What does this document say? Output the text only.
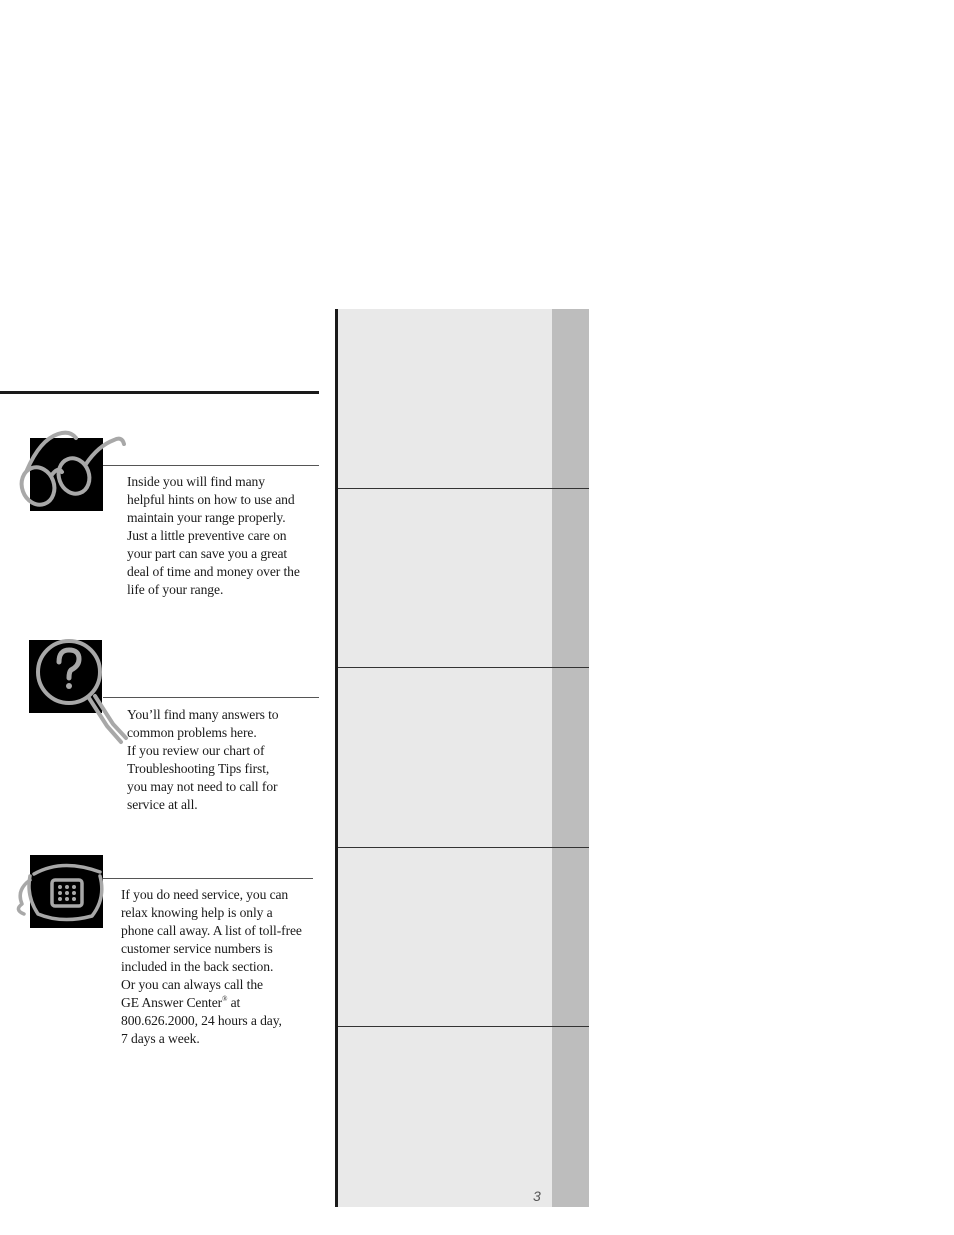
Inside you will find many
helpful hints on how to use and
maintain your range properly.
Just a little preventive care on
your part can save you a great
deal of time and money over the
life of your range.

You’ll find many answers to
common problems here.
If you review our chart of
Troubleshooting Tips first,
you may not need to call for
service at all.

If you do need service, you can
relax knowing help is only a
phone call away. A list of toll-free
customer service numbers is
included in the back section.
Or you can always call the
GE Answer Center® at
800.626.2000, 24 hours a day,
7 days a week.

3
